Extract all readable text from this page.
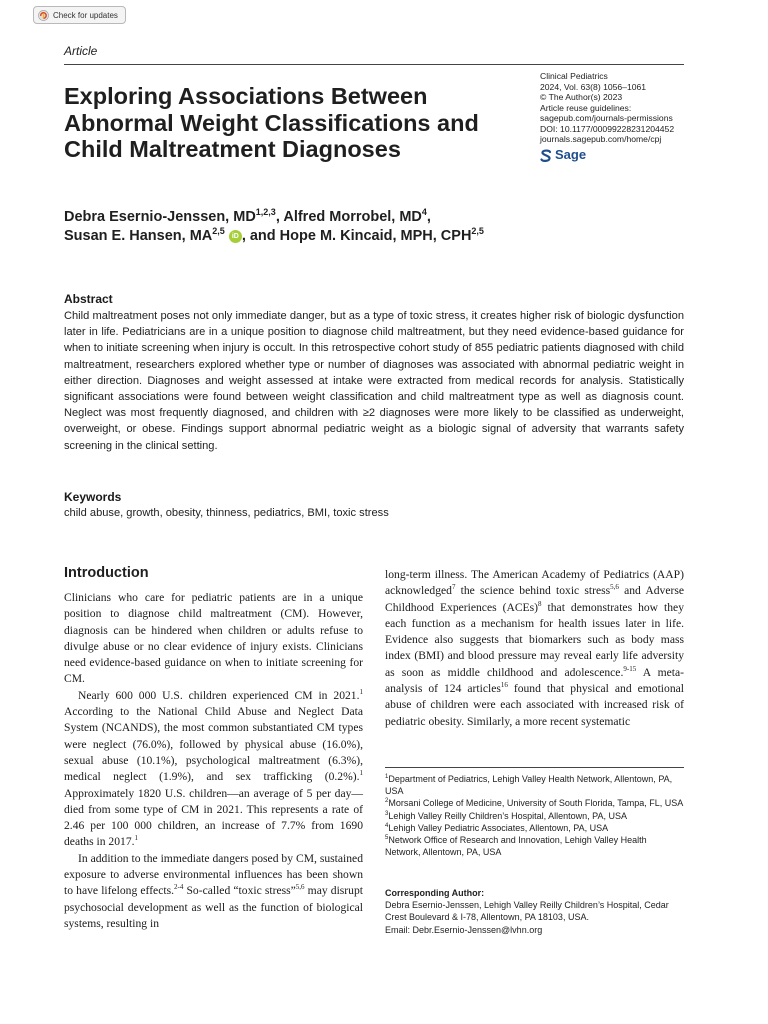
Check for updates
Article
Exploring Associations Between
Abnormal Weight Classifications and
Child Maltreatment Diagnoses
Clinical Pediatrics
2024, Vol. 63(8) 1056–1061
© The Author(s) 2023
Article reuse guidelines:
sagepub.com/journals-permissions
DOI: 10.1177/00099228231204452
journals.sagepub.com/home/cpj
Sage
Debra Esernio-Jenssen, MD$^{1,2,3}$, Alfred Morrobel, $MD^4$,
Susan E. Hansen, MA$^{2,5}$ iD , and Hope M. Kincaid, MPH, CPH$^{2,5}$
Abstract
Child maltreatment poses not only immediate danger, but as a type of toxic stress, it creates higher risk of biologic dysfunction later in life. Pediatricians are in a unique position to diagnose child maltreatment, but they need evidence-based guidance for when to initiate screening when injury is occult. In this retrospective cohort study of 855 pediatric patients diagnosed with child maltreatment, researchers explored whether type or number of diagnoses was associated with abnormal pediatric weight in either direction. Diagnoses and weight assessed at intake were extracted from medical records for analysis. Statistically significant associations were found between weight classification and child maltreatment type as well as diagnosis count. Neglect was most frequently diagnosed, and children with ≥2 diagnoses were more likely to be classified as underweight, overweight, or obese. Findings support abnormal pediatric weight as a biologic signal of adversity that warrants safety screening in the clinical setting.
Keywords
child abuse, growth, obesity, thinness, pediatrics, BMI, toxic stress
Introduction

Clinicians who care for pediatric patients are in a unique position to diagnose child maltreatment (CM). However, diagnosis can be hindered when children or adults refuse to divulge abuse or no clear evidence of injury exists. Clinicians need evidence-based guidance on when to initiate screening for CM.

Nearly 600 000 U.S. children experienced CM in 2021.$^1$ According to the National Child Abuse and Neglect Data System (NCANDS), the most common substantiated CM types were neglect (76.0%), followed by physical abuse (16.0%), sexual abuse (10.1%), psychological maltreatment (6.3%), medical neglect (1.9%), and sex trafficking (0.2%).$^1$ Approximately 1820 U.S. children—an average of 5 per day—died from some type of CM in 2021. This represents a rate of 2.46 per 100 000 children, an increase of 7.7% from 1690 deaths in 2017.$^1$

In addition to the immediate dangers posed by CM, sustained exposure to adverse environmental influences has been shown to have lifelong effects.$^{2-4}$ So-called “toxic stress”$^{5,6}$ may disrupt psychosocial development as well as the function of biological systems, resulting in

long-term illness. The American Academy of Pediatrics (AAP) acknowledged$^7$ the science behind toxic stress$^{5,6}$ and Adverse Childhood Experiences (ACEs)$^8$ that demonstrates how they each function as a mechanism for health issues later in life. Evidence also suggests that biomarkers such as body mass index (BMI) and blood pressure may reveal early life adversity as soon as middle childhood and adolescence.$^{9-15}$ A meta-analysis of 124 articles$^{16}$ found that physical and emotional abuse of children were each associated with increased risk of pediatric obesity. Similarly, a more recent systematic

$^1$Department of Pediatrics, Lehigh Valley Health Network, Allentown, PA, USA
$^2$Morsani College of Medicine, University of South Florida, Tampa, FL, USA
$^3$Lehigh Valley Reilly Children’s Hospital, Allentown, PA, USA
$^4$Lehigh Valley Pediatric Associates, Allentown, PA, USA
$^5$Network Office of Research and Innovation, Lehigh Valley Health Network, Allentown, PA, USA
Corresponding Author:
Debra Esernio-Jenssen, Lehigh Valley Reilly Children’s Hospital, Cedar Crest Boulevard & I-78, Allentown, PA 18103, USA.
Email: Debr.Esernio-Jenssen@lvhn.org
